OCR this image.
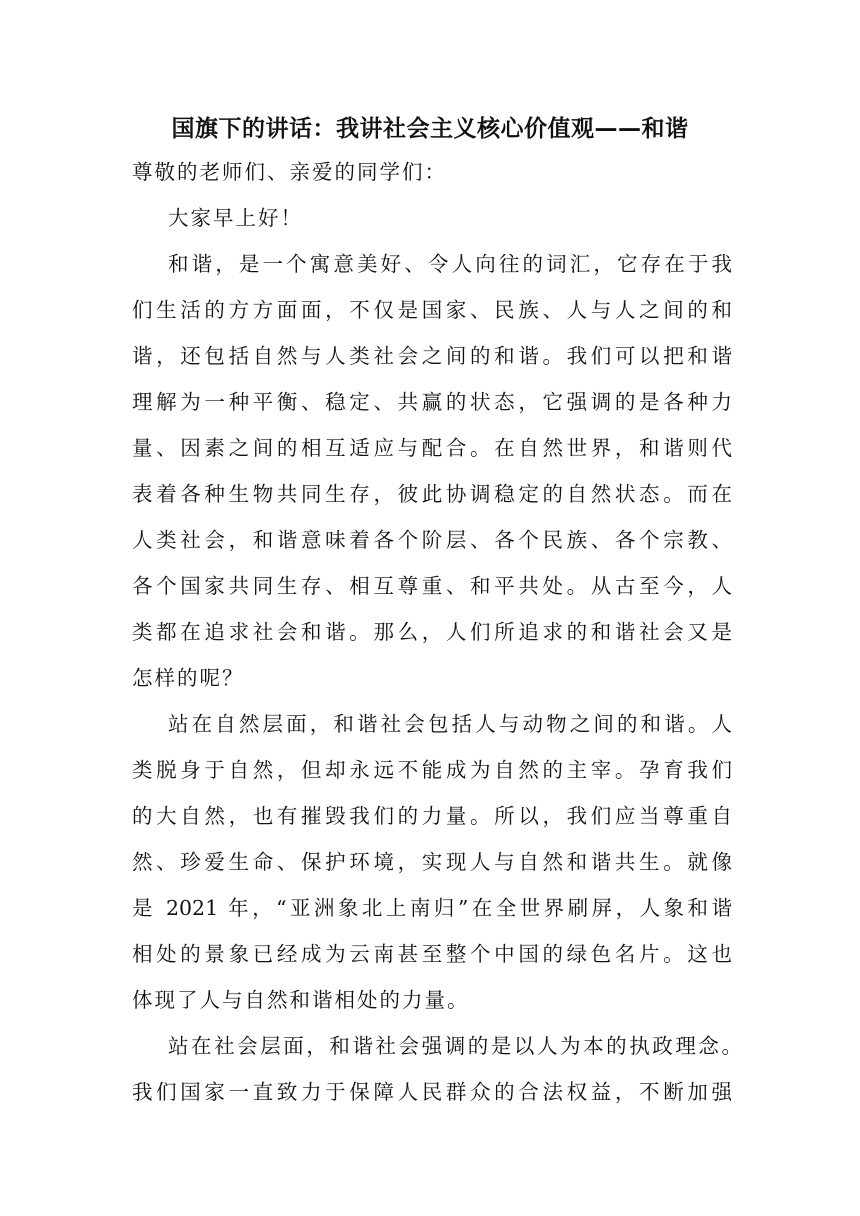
国旗下的讲话：我讲社会主义核心价值观——和谐
尊敬的老师们、亲爱的同学们：
大家早上好！
和谐，是一个寓意美好、令人向往的词汇，它存在于我
们生活的方方面面，不仅是国家、民族、人与人之间的和
谐，还包括自然与人类社会之间的和谐。我们可以把和谐
理解为一种平衡、稳定、共赢的状态，它强调的是各种力
量、因素之间的相互适应与配合。在自然世界，和谐则代
表着各种生物共同生存，彼此协调稳定的自然状态。而在
人类社会，和谐意味着各个阶层、各个民族、各个宗教、
各个国家共同生存、相互尊重、和平共处。从古至今，人
类都在追求社会和谐。那么，人们所追求的和谐社会又是
怎样的呢？
站在自然层面，和谐社会包括人与动物之间的和谐。人
类脱身于自然，但却永远不能成为自然的主宰。孕育我们
的大自然，也有摧毁我们的力量。所以，我们应当尊重自
然、珍爱生命、保护环境，实现人与自然和谐共生。就像
是 2021 年，“亚洲象北上南归”在全世界刷屏，人象和谐
相处的景象已经成为云南甚至整个中国的绿色名片。这也
体现了人与自然和谐相处的力量。
站在社会层面，和谐社会强调的是以人为本的执政理念。
我们国家一直致力于保障人民群众的合法权益，不断加强
